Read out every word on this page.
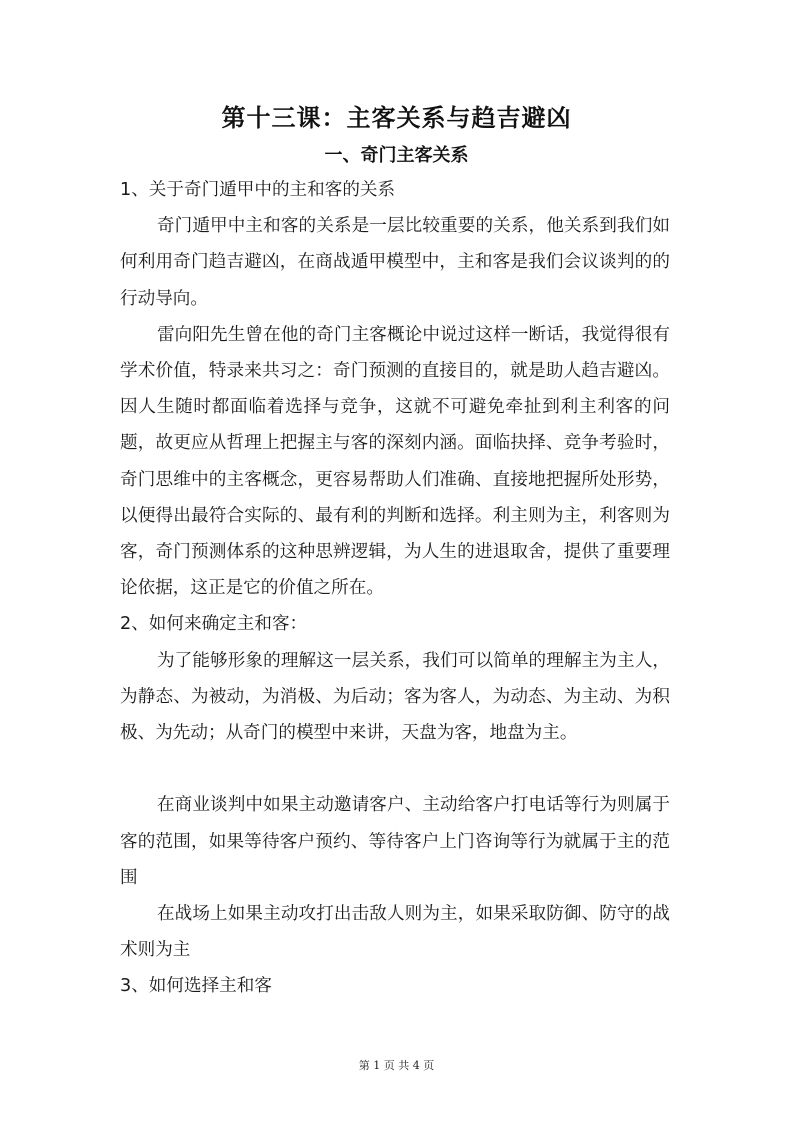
第十三课：主客关系与趋吉避凶
一、奇门主客关系

1、关于奇门遁甲中的主和客的关系

奇门遁甲中主和客的关系是一层比较重要的关系，他关系到我们如何利用奇门趋吉避凶，在商战遁甲模型中，主和客是我们会议谈判的的行动导向。

雷向阳先生曾在他的奇门主客概论中说过这样一断话，我觉得很有学术价值，特录来共习之：奇门预测的直接目的，就是助人趋吉避凶。因人生随时都面临着选择与竞争，这就不可避免牵扯到利主利客的问题，故更应从哲理上把握主与客的深刻内涵。面临抉择、竞争考验时，奇门思维中的主客概念，更容易帮助人们准确、直接地把握所处形势，以便得出最符合实际的、最有利的判断和选择。利主则为主，利客则为客，奇门预测体系的这种思辨逻辑，为人生的进退取舍，提供了重要理论依据，这正是它的价值之所在。

2、如何来确定主和客：

为了能够形象的理解这一层关系，我们可以简单的理解主为主人，为静态、为被动，为消极、为后动；客为客人，为动态、为主动、为积极、为先动；从奇门的模型中来讲，天盘为客，地盘为主。

在商业谈判中如果主动邀请客户、主动给客户打电话等行为则属于客的范围，如果等待客户预约、等待客户上门咨询等行为就属于主的范围

在战场上如果主动攻打出击敌人则为主，如果采取防御、防守的战术则为主

3、如何选择主和客

第 1 页 共 4 页
